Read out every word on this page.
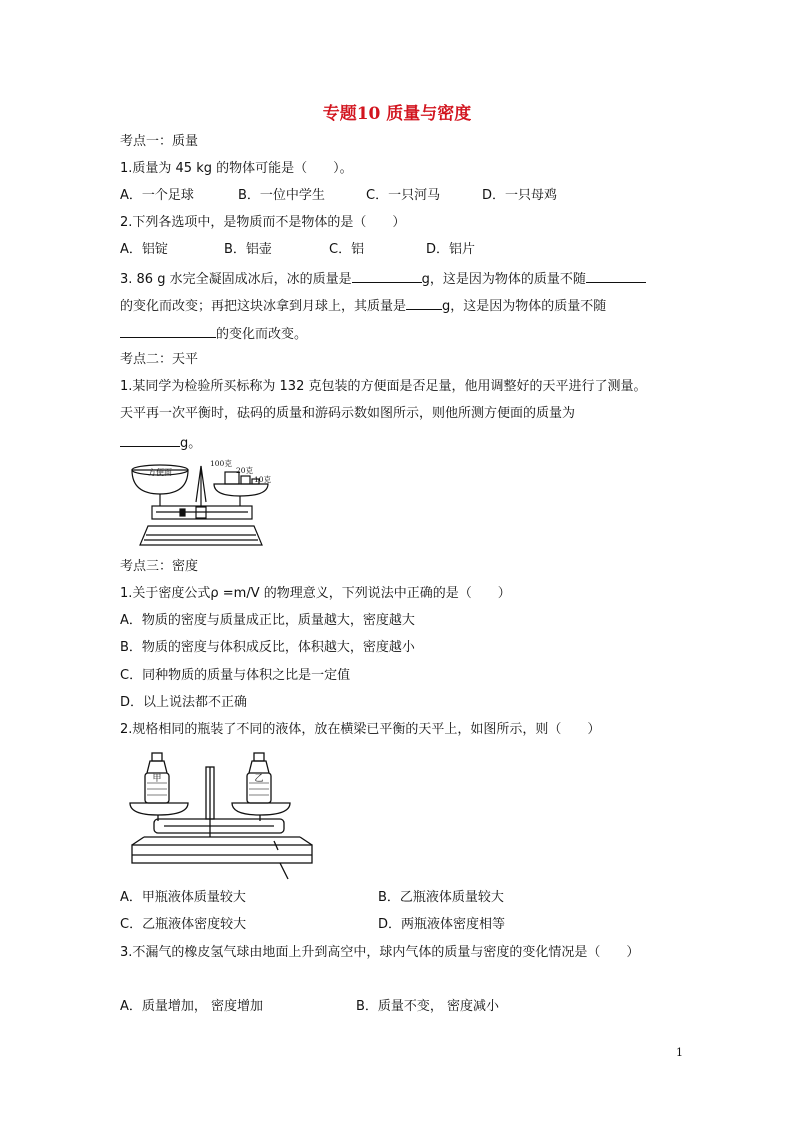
专题10 质量与密度
考点一：质量
1.质量为 45 kg 的物体可能是（　　）。
A．一个足球	B．一位中学生	C．一只河马	D．一只母鸡
2.下列各选项中，是物质而不是物体的是（　　）
A．铝锭	B．铝壶	C．铝	D．铝片
3. 86 g 水完全凝固成冰后，冰的质量是	g，这是因为物体的质量不随
的变化而改变；再把这块冰拿到月球上，其质量是	g，这是因为物体的质量不随
的变化而改变。
考点二：天平
1.某同学为检验所买标称为 132 克包装的方便面是否足量，他用调整好的天平进行了测量。
天平再一次平衡时，砝码的质量和游码示数如图所示，则他所测方便面的质量为
g。
方便面
100克
20克
10克
考点三：密度
1.关于密度公式ρ =m/V 的物理意义，下列说法中正确的是（　　）
A．物质的密度与质量成正比，质量越大，密度越大
B．物质的密度与体积成反比，体积越大，密度越小
C．同种物质的质量与体积之比是一定值
D．以上说法都不正确
2.规格相同的瓶装了不同的液体，放在横梁已平衡的天平上，如图所示，则（　　）
甲	乙
A．甲瓶液体质量较大	B．乙瓶液体质量较大
C．乙瓶液体密度较大	D．两瓶液体密度相等
3.不漏气的橡皮氢气球由地面上升到高空中，球内气体的质量与密度的变化情况是（　　）
A．质量增加， 密度增加	B．质量不变， 密度减小
1
